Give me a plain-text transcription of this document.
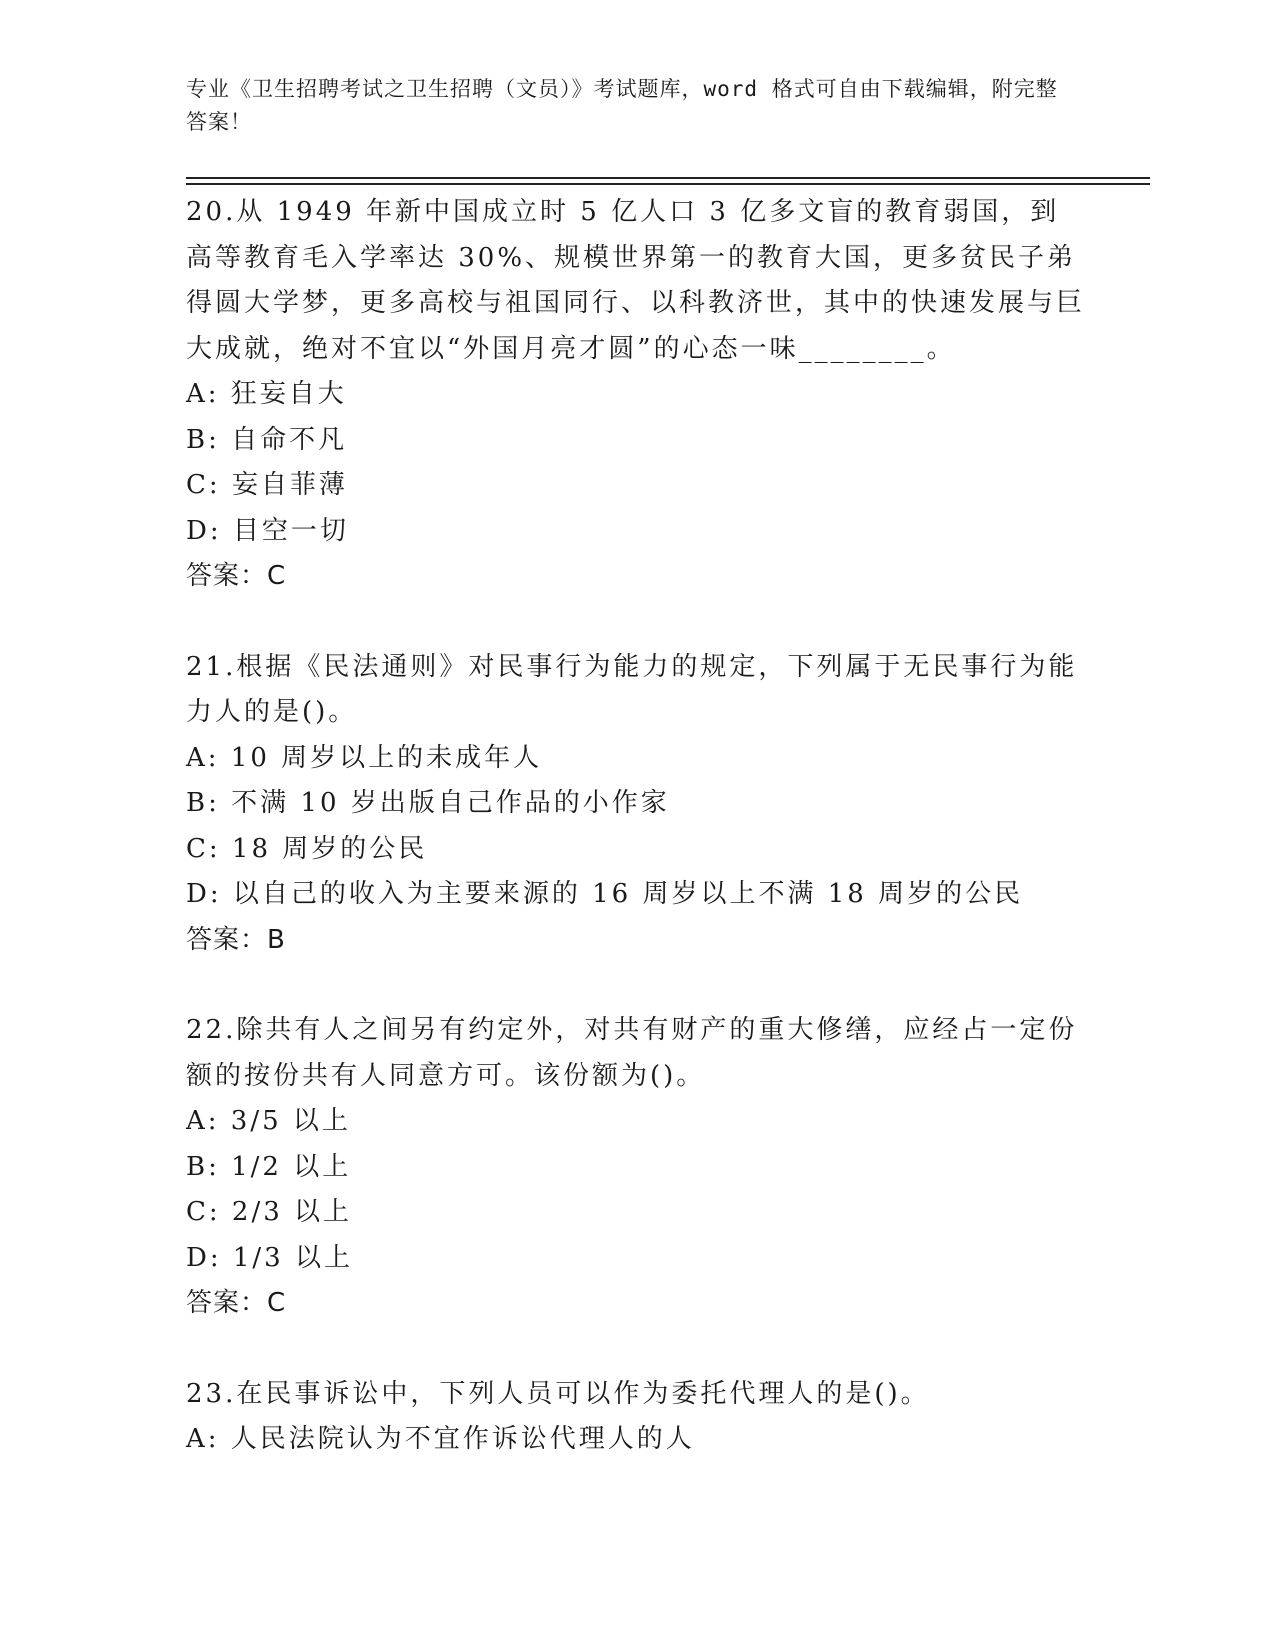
专业《卫生招聘考试之卫生招聘（文员）》考试题库，word 格式可自由下载编辑，附完整答案！
20.从 1949 年新中国成立时 5 亿人口 3 亿多文盲的教育弱国，到高等教育毛入学率达 30%、规模世界第一的教育大国，更多贫民子弟得圆大学梦，更多高校与祖国同行、以科教济世，其中的快速发展与巨大成就，绝对不宜以“外国月亮才圆”的心态一味________。
A: 狂妄自大
B: 自命不凡
C: 妄自菲薄
D: 目空一切
答案：C
21.根据《民法通则》对民事行为能力的规定，下列属于无民事行为能力人的是()。
A: 10 周岁以上的未成年人
B: 不满 10 岁出版自己作品的小作家
C: 18 周岁的公民
D: 以自己的收入为主要来源的 16 周岁以上不满 18 周岁的公民
答案：B
22.除共有人之间另有约定外，对共有财产的重大修缮，应经占一定份额的按份共有人同意方可。该份额为()。
A: 3/5 以上
B: 1/2 以上
C: 2/3 以上
D: 1/3 以上
答案：C
23.在民事诉讼中，下列人员可以作为委托代理人的是()。
A: 人民法院认为不宜作诉讼代理人的人
